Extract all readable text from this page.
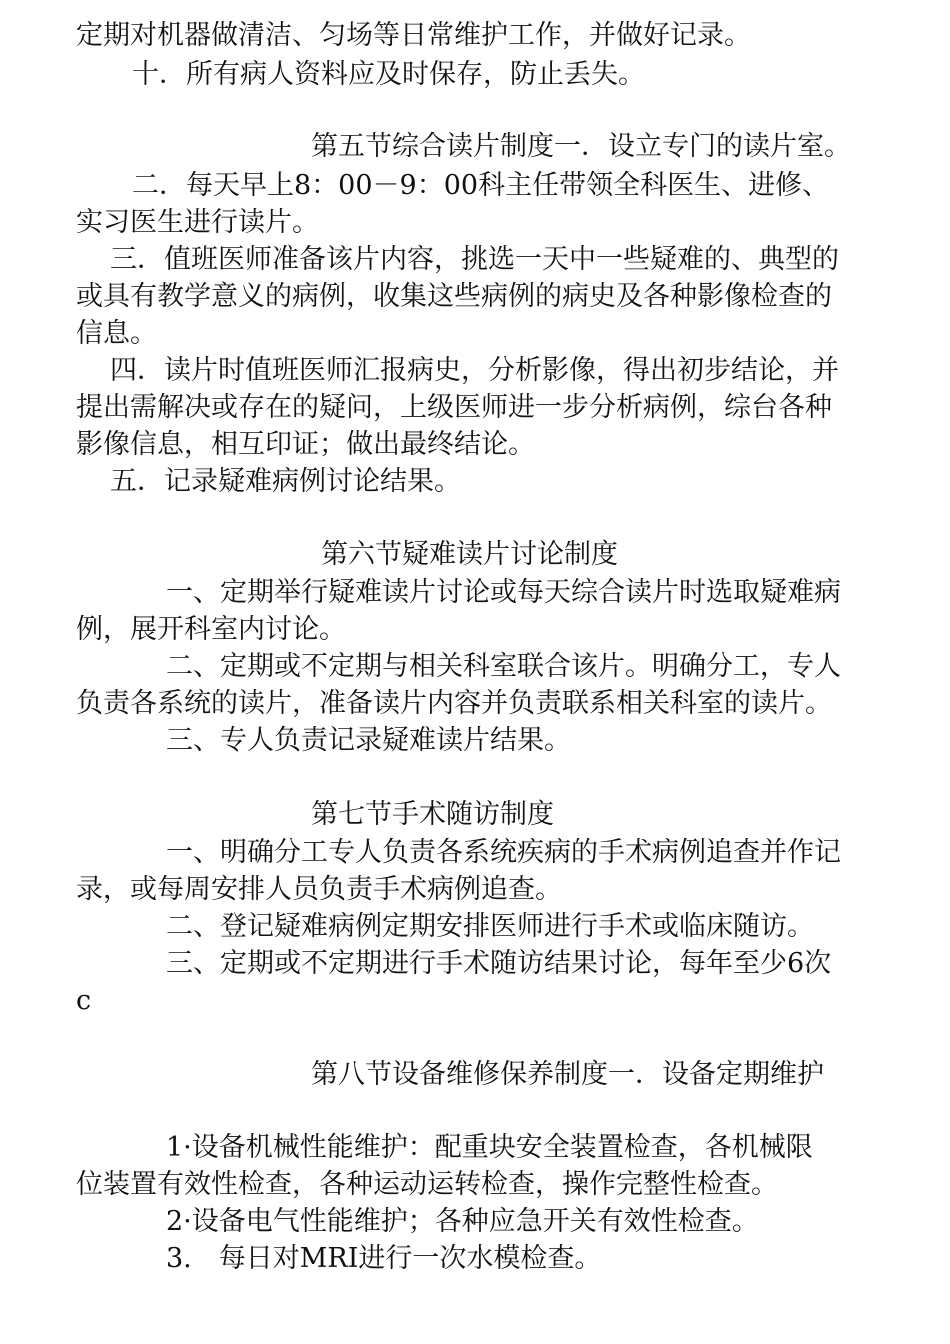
定期对机器做清洁、匀场等日常维护工作，并做好记录。

十．所有病人资料应及时保存，防止丢失。

第五节综合读片制度一．设立专门的读片室。

二．每天早上8：00－9：00科主任带领全科医生、进修、

实习医生进行读片。

三．值班医师准备该片内容，挑选一天中一些疑难的、典型的

或具有教学意义的病例，收集这些病例的病史及各种影像检查的

信息。

四．读片时值班医师汇报病史，分析影像，得出初步结论，并

提出需解决或存在的疑问，上级医师进一步分析病例，综台各种

影像信息，相互印证；做出最终结论。

五．记录疑难病例讨论结果。

第六节疑难读片讨论制度

一、定期举行疑难读片讨论或每天综合读片时选取疑难病

例，展开科室内讨论。

二、定期或不定期与相关科室联合该片。明确分工，专人

负责各系统的读片，准备读片内容并负责联系相关科室的读片。

三、专人负责记录疑难读片结果。

第七节手术随访制度

一、明确分工专人负责各系统疾病的手术病例追查并作记

录，或每周安排人员负责手术病例追查。

二、登记疑难病例定期安排医师进行手术或临床随访。

三、定期或不定期进行手术随访结果讨论，每年至少6次

c

第八节设备维修保养制度一．设备定期维护

1·设备机械性能维护：配重块安全装置检查，各机械限

位装置有效性检查，各种运动运转检查，操作完整性检查。

2·设备电气性能维护；各种应急开关有效性检查。

3.　每日对MRI进行一次水模检查。
